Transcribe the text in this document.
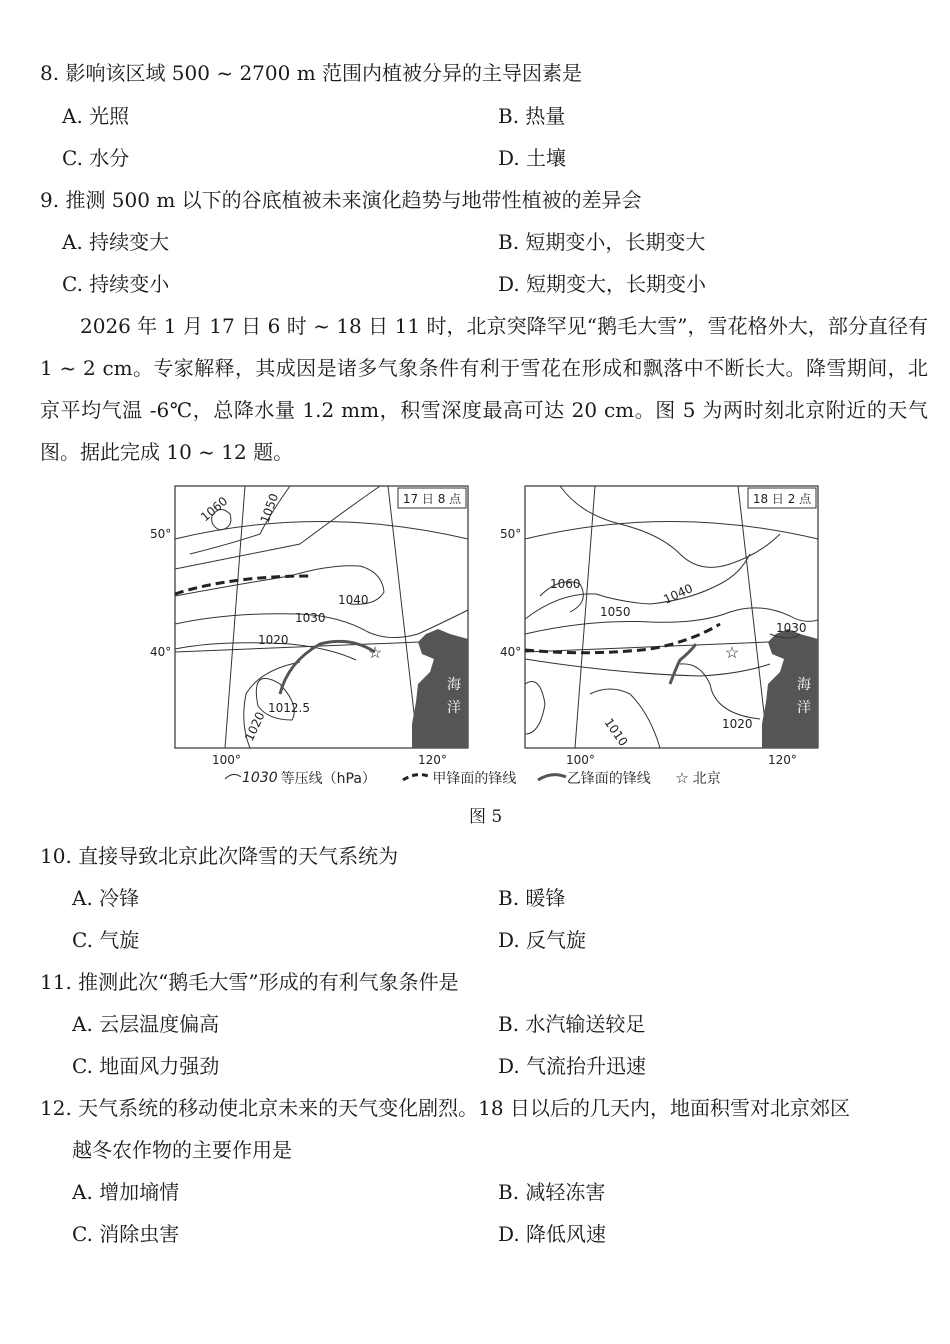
8. 影响该区域 500 ~ 2700 m 范围内植被分异的主导因素是
A. 光照	B. 热量
C. 水分	D. 土壤
9. 推测 500 m 以下的谷底植被未来演化趋势与地带性植被的差异会
A. 持续变大	B. 短期变小，长期变大
C. 持续变小	D. 短期变大，长期变小
2026 年 1 月 17 日 6 时 ~ 18 日 11 时，北京突降罕见“鹅毛大雪”，雪花格外大，部分直径有 1 ~ 2 cm。专家解释，其成因是诸多气象条件有利于雪花在形成和飘落中不断长大。降雪期间，北京平均气温 -6℃，总降水量 1.2 mm，积雪深度最高可达 20 cm。图 5 为两时刻北京附近的天气图。据此完成 10 ~ 12 题。
☆
17 日 8 点
1060 1050
1040
1030
1020
1012.5
1020
50°
40°
100°	120°
海
洋
☆
18 日 2 点
1060
1050
1040
1030
1010	1020
50°
40°
100°	120°
海
洋
1030 等压线（hPa）	甲锋面的锋线	乙锋面的锋线 ☆ 北京
图 5
10. 直接导致北京此次降雪的天气系统为
A. 冷锋	B. 暖锋
C. 气旋	D. 反气旋
11. 推测此次“鹅毛大雪”形成的有利气象条件是
A. 云层温度偏高	B. 水汽输送较足
C. 地面风力强劲	D. 气流抬升迅速
12. 天气系统的移动使北京未来的天气变化剧烈。18 日以后的几天内，地面积雪对北京郊区
越冬农作物的主要作用是
A. 增加墒情	B. 减轻冻害
C. 消除虫害	D. 降低风速
